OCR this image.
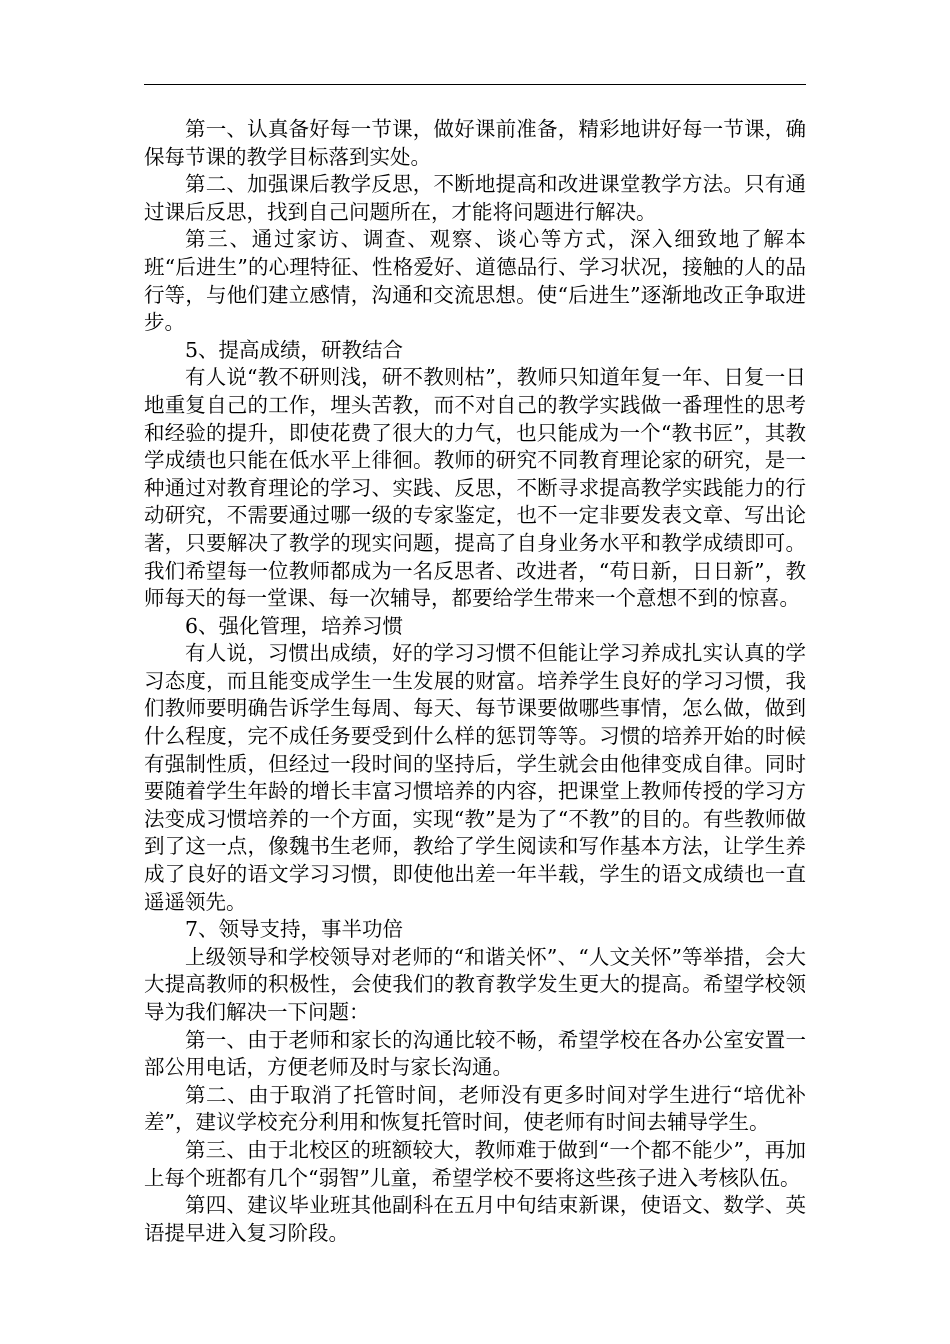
第一、认真备好每一节课，做好课前准备，精彩地讲好每一节课，确保每节课的教学目标落到实处。

第二、加强课后教学反思，不断地提高和改进课堂教学方法。只有通过课后反思，找到自己问题所在，才能将问题进行解决。

第三、通过家访、调查、观察、谈心等方式，深入细致地了解本班“后进生”的心理特征、性格爱好、道德品行、学习状况，接触的人的品行等，与他们建立感情，沟通和交流思想。使“后进生”逐渐地改正争取进步。

5、提高成绩，研教结合

有人说“教不研则浅，研不教则枯”，教师只知道年复一年、日复一日地重复自己的工作，埋头苦教，而不对自己的教学实践做一番理性的思考和经验的提升，即使花费了很大的力气，也只能成为一个“教书匠”，其教学成绩也只能在低水平上徘徊。教师的研究不同教育理论家的研究，是一种通过对教育理论的学习、实践、反思，不断寻求提高教学实践能力的行动研究，不需要通过哪一级的专家鉴定，也不一定非要发表文章、写出论著，只要解决了教学的现实问题，提高了自身业务水平和教学成绩即可。我们希望每一位教师都成为一名反思者、改进者，“苟日新，日日新”，教师每天的每一堂课、每一次辅导，都要给学生带来一个意想不到的惊喜。

6、强化管理，培养习惯

有人说，习惯出成绩，好的学习习惯不但能让学习养成扎实认真的学习态度，而且能变成学生一生发展的财富。培养学生良好的学习习惯，我们教师要明确告诉学生每周、每天、每节课要做哪些事情，怎么做，做到什么程度，完不成任务要受到什么样的惩罚等等。习惯的培养开始的时候有强制性质，但经过一段时间的坚持后，学生就会由他律变成自律。同时要随着学生年龄的增长丰富习惯培养的内容，把课堂上教师传授的学习方法变成习惯培养的一个方面，实现“教”是为了“不教”的目的。有些教师做到了这一点，像魏书生老师，教给了学生阅读和写作基本方法，让学生养成了良好的语文学习习惯，即使他出差一年半载，学生的语文成绩也一直遥遥领先。

7、领导支持，事半功倍

上级领导和学校领导对老师的“和谐关怀”、“人文关怀”等举措，会大大提高教师的积极性，会使我们的教育教学发生更大的提高。希望学校领导为我们解决一下问题：

第一、由于老师和家长的沟通比较不畅，希望学校在各办公室安置一部公用电话，方便老师及时与家长沟通。

第二、由于取消了托管时间，老师没有更多时间对学生进行“培优补差”，建议学校充分利用和恢复托管时间，使老师有时间去辅导学生。

第三、由于北校区的班额较大，教师难于做到“一个都不能少”，再加上每个班都有几个“弱智”儿童，希望学校不要将这些孩子进入考核队伍。

第四、建议毕业班其他副科在五月中旬结束新课，使语文、数学、英语提早进入复习阶段。
